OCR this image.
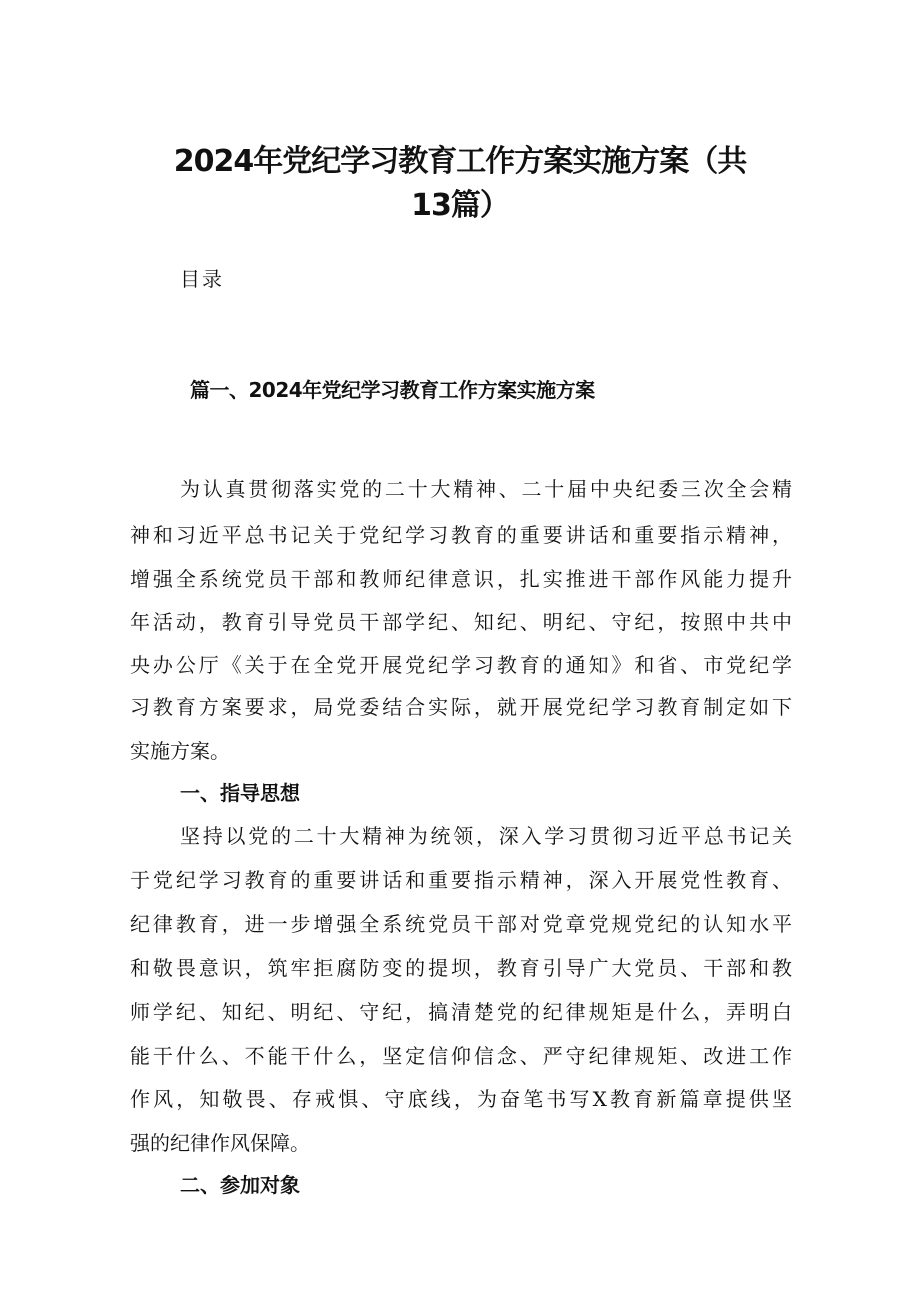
2024年党纪学习教育工作方案实施方案（共
13篇）

目录

篇一、2024年党纪学习教育工作方案实施方案

为认真贯彻落实党的二十大精神、二十届中央纪委三次全会精

神和习近平总书记关于党纪学习教育的重要讲话和重要指示精神，

增强全系统党员干部和教师纪律意识，扎实推进干部作风能力提升

年活动，教育引导党员干部学纪、知纪、明纪、守纪，按照中共中

央办公厅《关于在全党开展党纪学习教育的通知》和省、市党纪学

习教育方案要求，局党委结合实际，就开展党纪学习教育制定如下

实施方案。

一、指导思想

坚持以党的二十大精神为统领，深入学习贯彻习近平总书记关

于党纪学习教育的重要讲话和重要指示精神，深入开展党性教育、

纪律教育，进一步增强全系统党员干部对党章党规党纪的认知水平

和敬畏意识，筑牢拒腐防变的提坝，教育引导广大党员、干部和教

师学纪、知纪、明纪、守纪，搞清楚党的纪律规矩是什么，弄明白

能干什么、不能干什么，坚定信仰信念、严守纪律规矩、改进工作

作风，知敬畏、存戒惧、守底线，为奋笔书写X教育新篇章提供坚

强的纪律作风保障。

二、参加对象
